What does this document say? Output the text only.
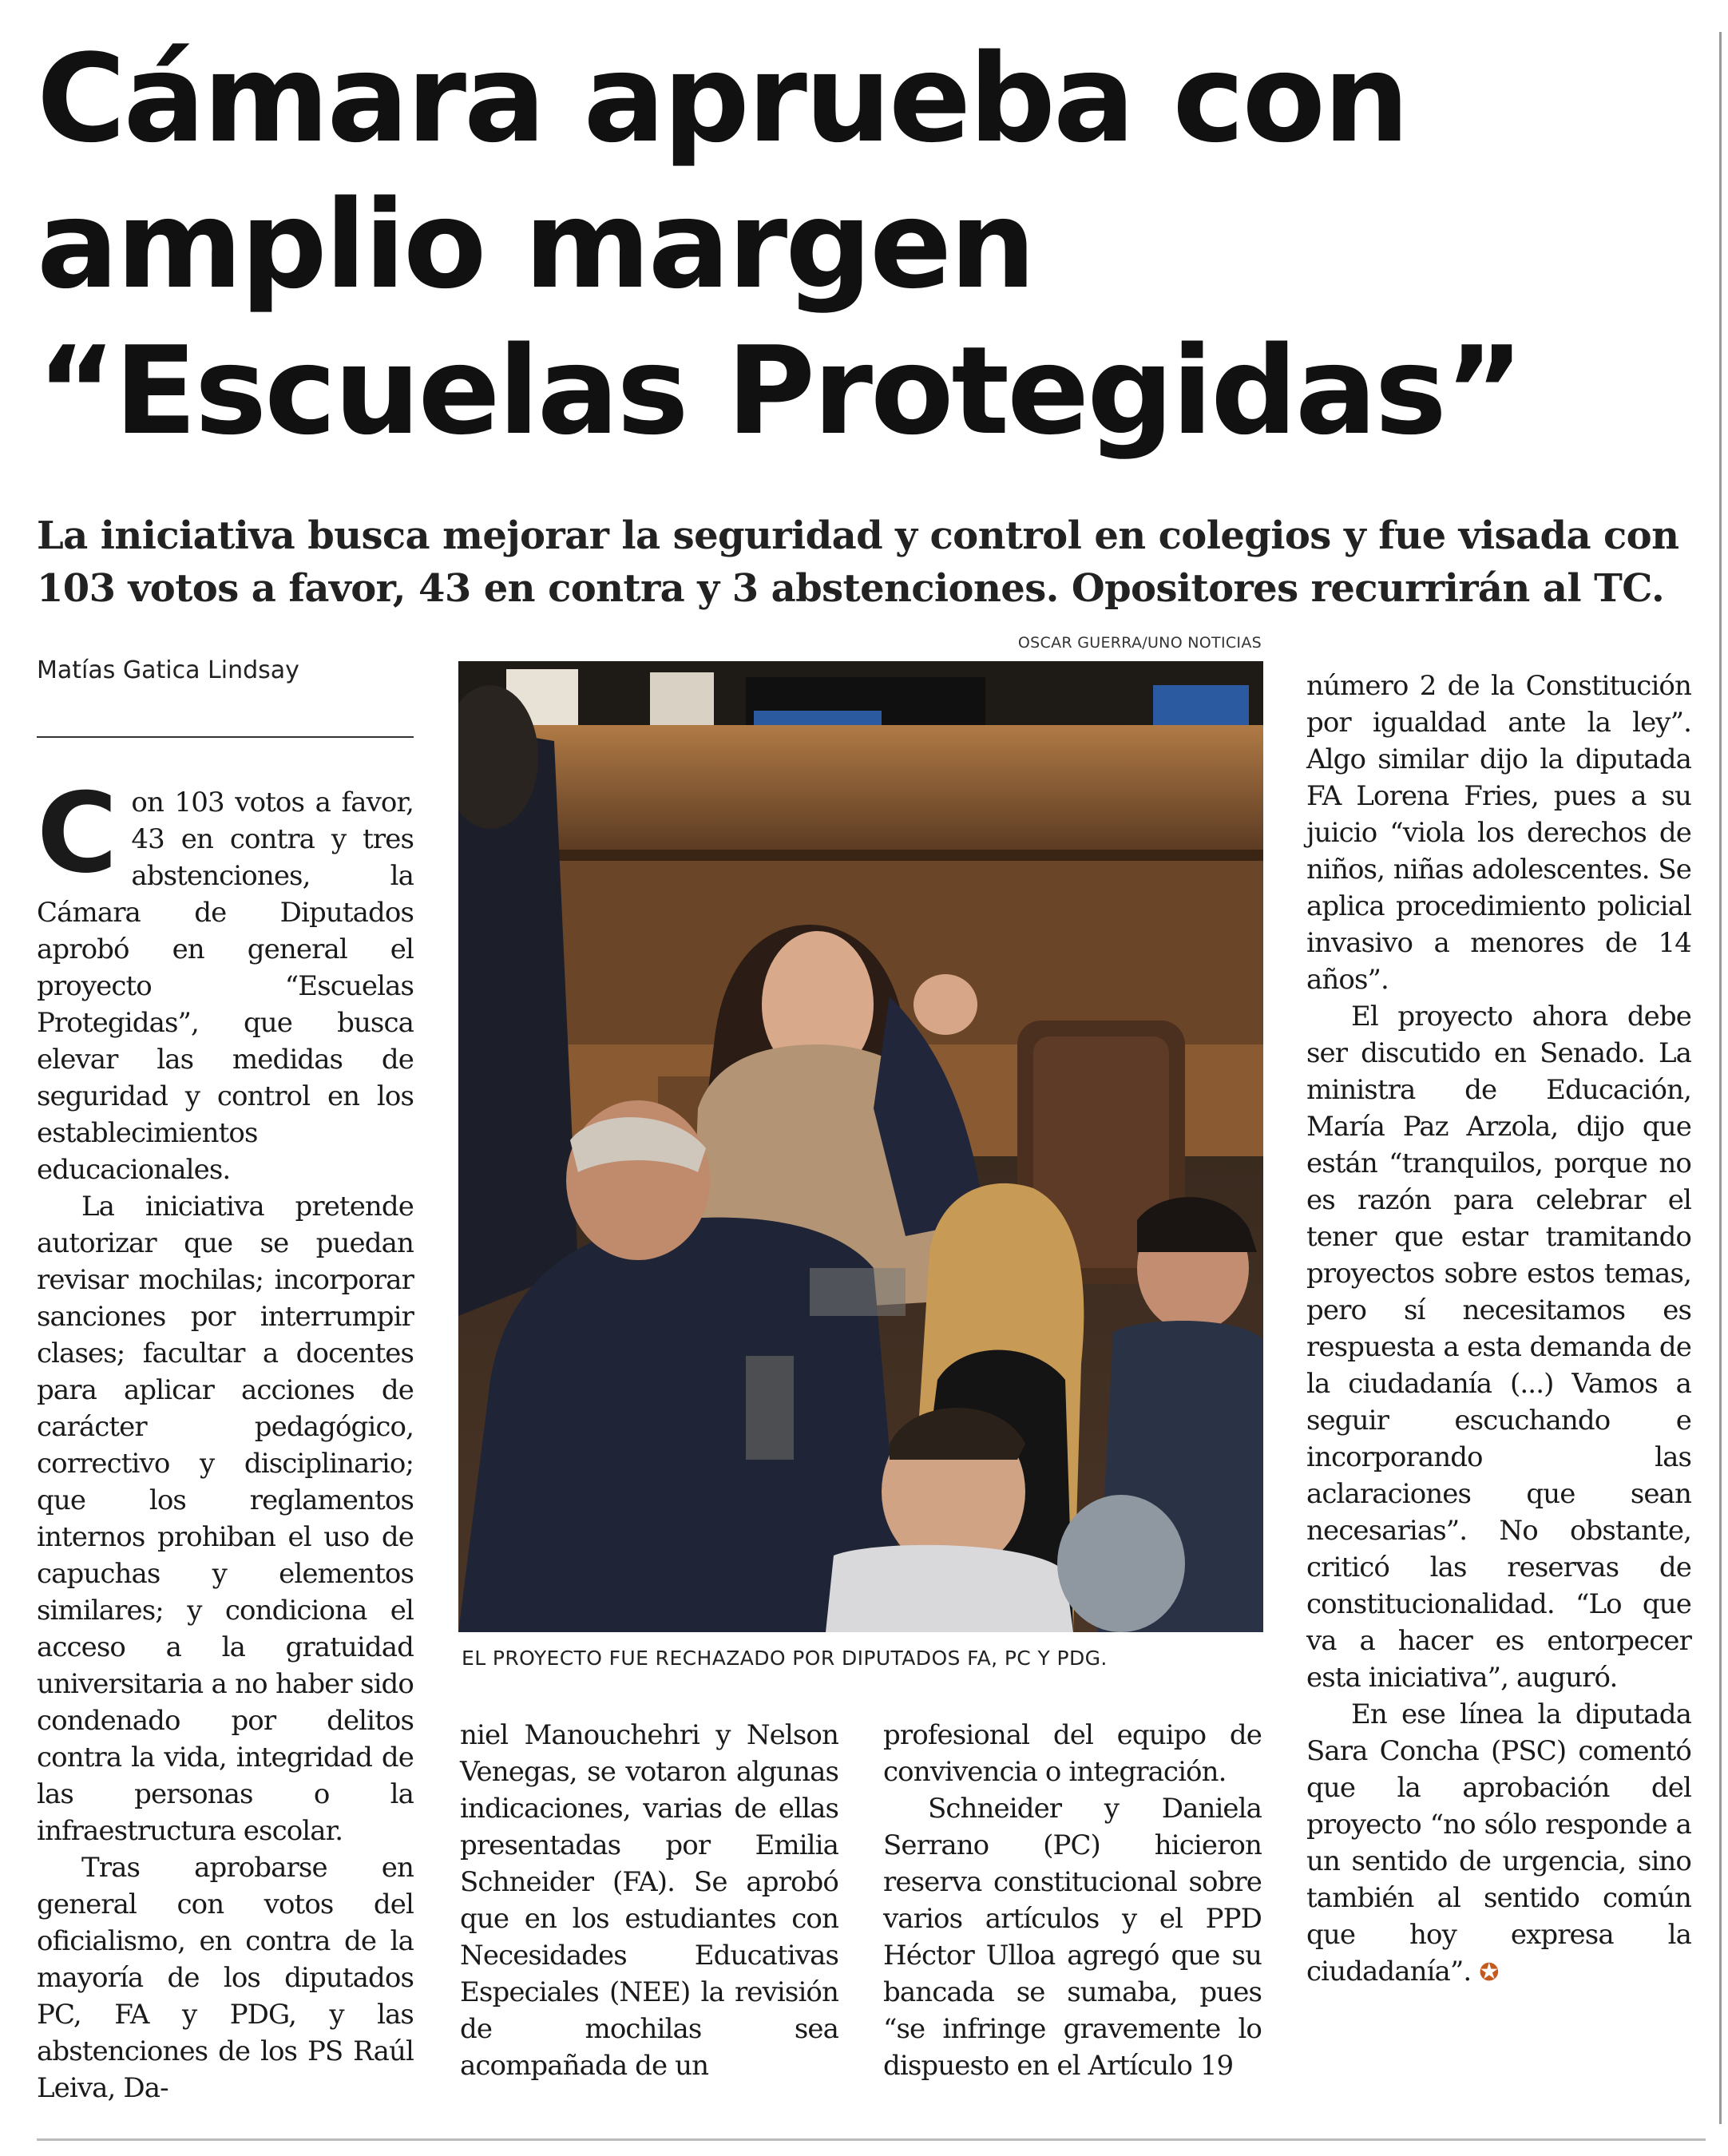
Cámara aprueba con amplio margen “Escuelas Protegidas”
La iniciativa busca mejorar la seguridad y control en colegios y fue visada con 103 votos a favor, 43 en contra y 3 abstenciones. Opositores recurrirán al TC.
Matías Gatica Lindsay

Con 103 votos a favor, 43 en contra y tres abstenciones, la Cámara de Diputados aprobó en general el proyecto “Escuelas Protegidas”, que busca elevar las medidas de seguridad y control en los establecimientos educacionales.

La iniciativa pretende autorizar que se puedan revisar mochilas; incorporar sanciones por interrumpir clases; facultar a docentes para aplicar acciones de carácter pedagógico, correctivo y disciplinario; que los reglamentos internos prohiban el uso de capuchas y elementos similares; y condiciona el acceso a la gratuidad universitaria a no haber sido condenado por delitos contra la vida, integridad de las personas o la infraestructura escolar.

Tras aprobarse en general con votos del oficialismo, en contra de la mayoría de los diputados PC, FA y PDG, y las abstenciones de los PS Raúl Leiva, Da-

OSCAR GUERRA/UNO NOTICIAS
EL PROYECTO FUE RECHAZADO POR DIPUTADOS FA, PC Y PDG.

niel Manouchehri y Nelson Venegas, se votaron algunas indicaciones, varias de ellas presentadas por Emilia Schneider (FA). Se aprobó que en los estudiantes con Necesidades Educativas Especiales (NEE) la revisión de mochilas sea acompañada de un

profesional del equipo de convivencia o integración.

Schneider y Daniela Serrano (PC) hicieron reserva constitucional sobre varios artículos y el PPD Héctor Ulloa agregó que su bancada se sumaba, pues “se infringe gravemente lo dispuesto en el Artículo 19

número 2 de la Constitución por igualdad ante la ley”. Algo similar dijo la diputada FA Lorena Fries, pues a su juicio “viola los derechos de niños, niñas adolescentes. Se aplica procedimiento policial invasivo a menores de 14 años”.

El proyecto ahora debe ser discutido en Senado. La ministra de Educación, María Paz Arzola, dijo que están “tranquilos, porque no es razón para celebrar el tener que estar tramitando proyectos sobre estos temas, pero sí necesitamos es respuesta a esta demanda de la ciudadanía (...) Vamos a seguir escuchando e incorporando las aclaraciones que sean necesarias”. No obstante, criticó las reservas de constitucionalidad. “Lo que va a hacer es entorpecer esta iniciativa”, auguró.

En ese línea la diputada Sara Concha (PSC) comentó que la aprobación del proyecto “no sólo responde a un sentido de urgencia, sino también al sentido común que hoy expresa la ciudadanía”. ✪
